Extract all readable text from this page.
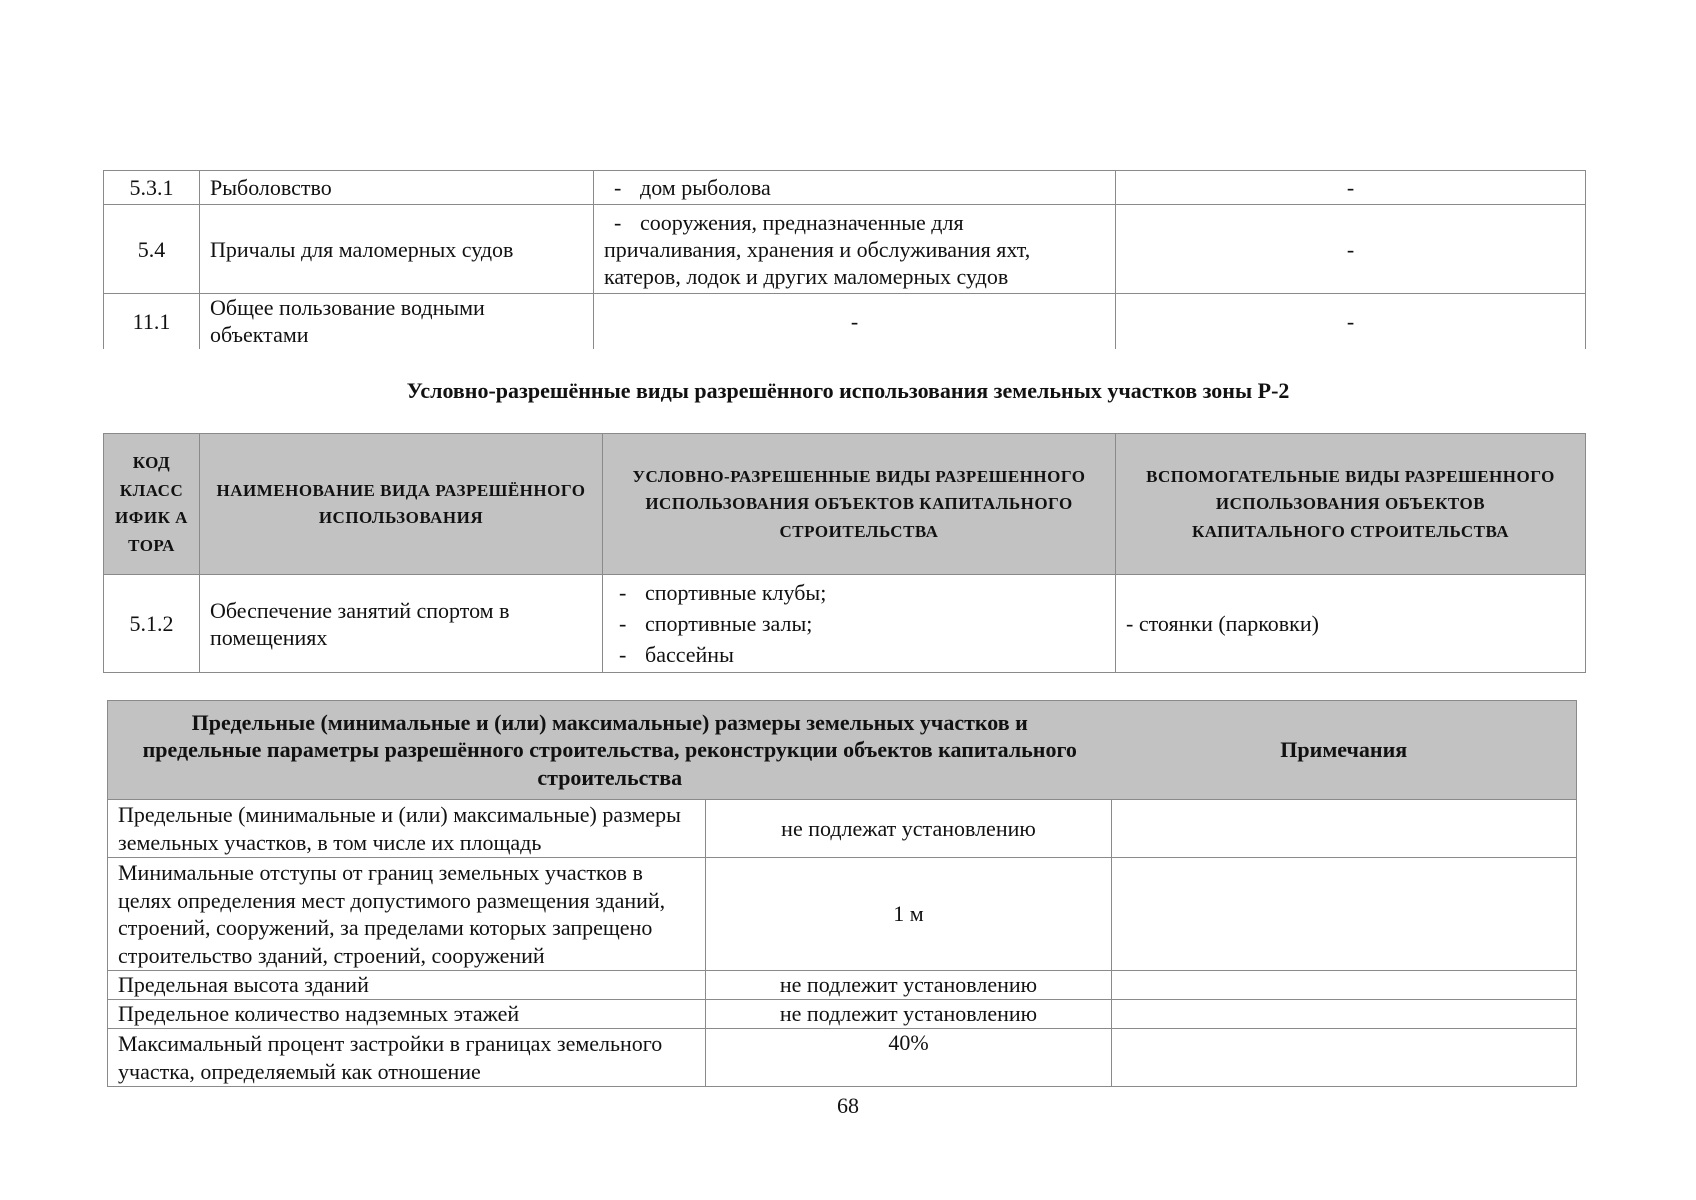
5.3.1	Рыболовство	- дом рыболова	-
5.4	Причалы для маломерных судов	- сооружения, предназначенные для причаливания, хранения и обслуживания яхт, катеров, лодок и других маломерных судов	-
11.1	Общее пользование водными объектами	-	-
Условно-разрешённые виды разрешённого использования земельных участков зоны Р-2
КОД КЛАСС ИФИК А ТОРА	НАИМЕНОВАНИЕ ВИДА РАЗРЕШЁННОГО ИСПОЛЬЗОВАНИЯ	УСЛОВНО-РАЗРЕШЕННЫЕ ВИДЫ РАЗРЕШЕННОГО ИСПОЛЬЗОВАНИЯ ОБЪЕКТОВ КАПИТАЛЬНОГО СТРОИТЕЛЬСТВА	ВСПОМОГАТЕЛЬНЫЕ ВИДЫ РАЗРЕШЕННОГО ИСПОЛЬЗОВАНИЯ ОБЪЕКТОВ КАПИТАЛЬНОГО СТРОИТЕЛЬСТВА
5.1.2	Обеспечение занятий спортом в помещениях	- спортивные клубы;
- спортивные залы;
- бассейны	- стоянки (парковки)
Предельные (минимальные и (или) максимальные) размеры земельных участков и предельные параметры разрешённого строительства, реконструкции объектов капитального строительства		Примечания
Предельные (минимальные и (или) максимальные) размеры земельных участков, в том числе их площадь	не подлежат установлению	
Минимальные отступы от границ земельных участков в целях определения мест допустимого размещения зданий, строений, сооружений, за пределами которых запрещено строительство зданий, строений, сооружений	1 м	
Предельная высота зданий	не подлежит установлению	
Предельное количество надземных этажей	не подлежит установлению	
Максимальный процент застройки в границах земельного участка, определяемый как отношение	40%	
68
